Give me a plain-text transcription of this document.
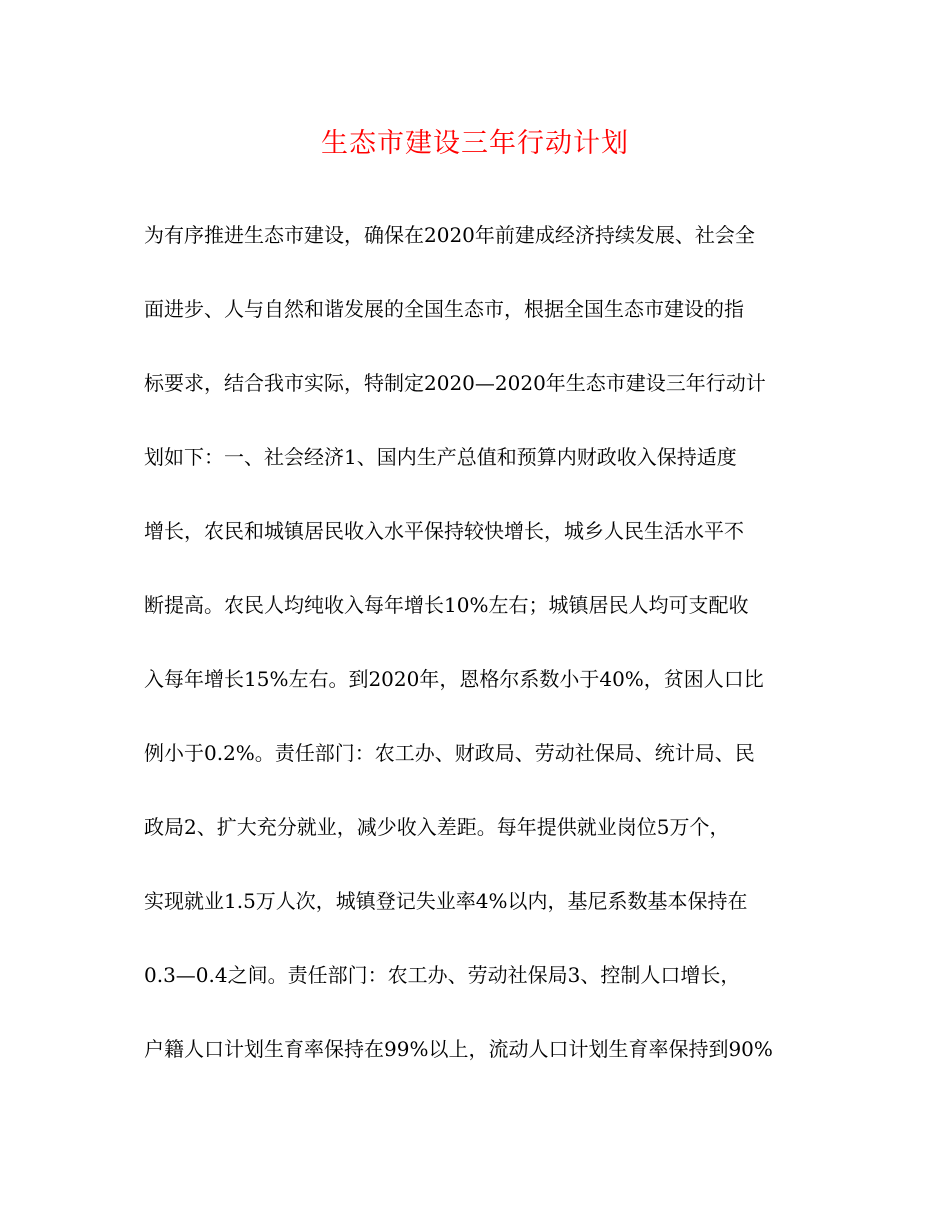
生态市建设三年行动计划
为有序推进生态市建设，确保在2020年前建成经济持续发展、社会全
面进步、人与自然和谐发展的全国生态市，根据全国生态市建设的指
标要求，结合我市实际，特制定2020—2020年生态市建设三年行动计
划如下：一、社会经济1、国内生产总值和预算内财政收入保持适度
增长，农民和城镇居民收入水平保持较快增长，城乡人民生活水平不
断提高。农民人均纯收入每年增长10%左右；城镇居民人均可支配收
入每年增长15%左右。到2020年，恩格尔系数小于40%，贫困人口比
例小于0.2%。责任部门：农工办、财政局、劳动社保局、统计局、民
政局2、扩大充分就业，减少收入差距。每年提供就业岗位5万个，
实现就业1.5万人次，城镇登记失业率4%以内，基尼系数基本保持在
0.3—0.4之间。责任部门：农工办、劳动社保局3、控制人口增长，
户籍人口计划生育率保持在99%以上，流动人口计划生育率保持到90%
